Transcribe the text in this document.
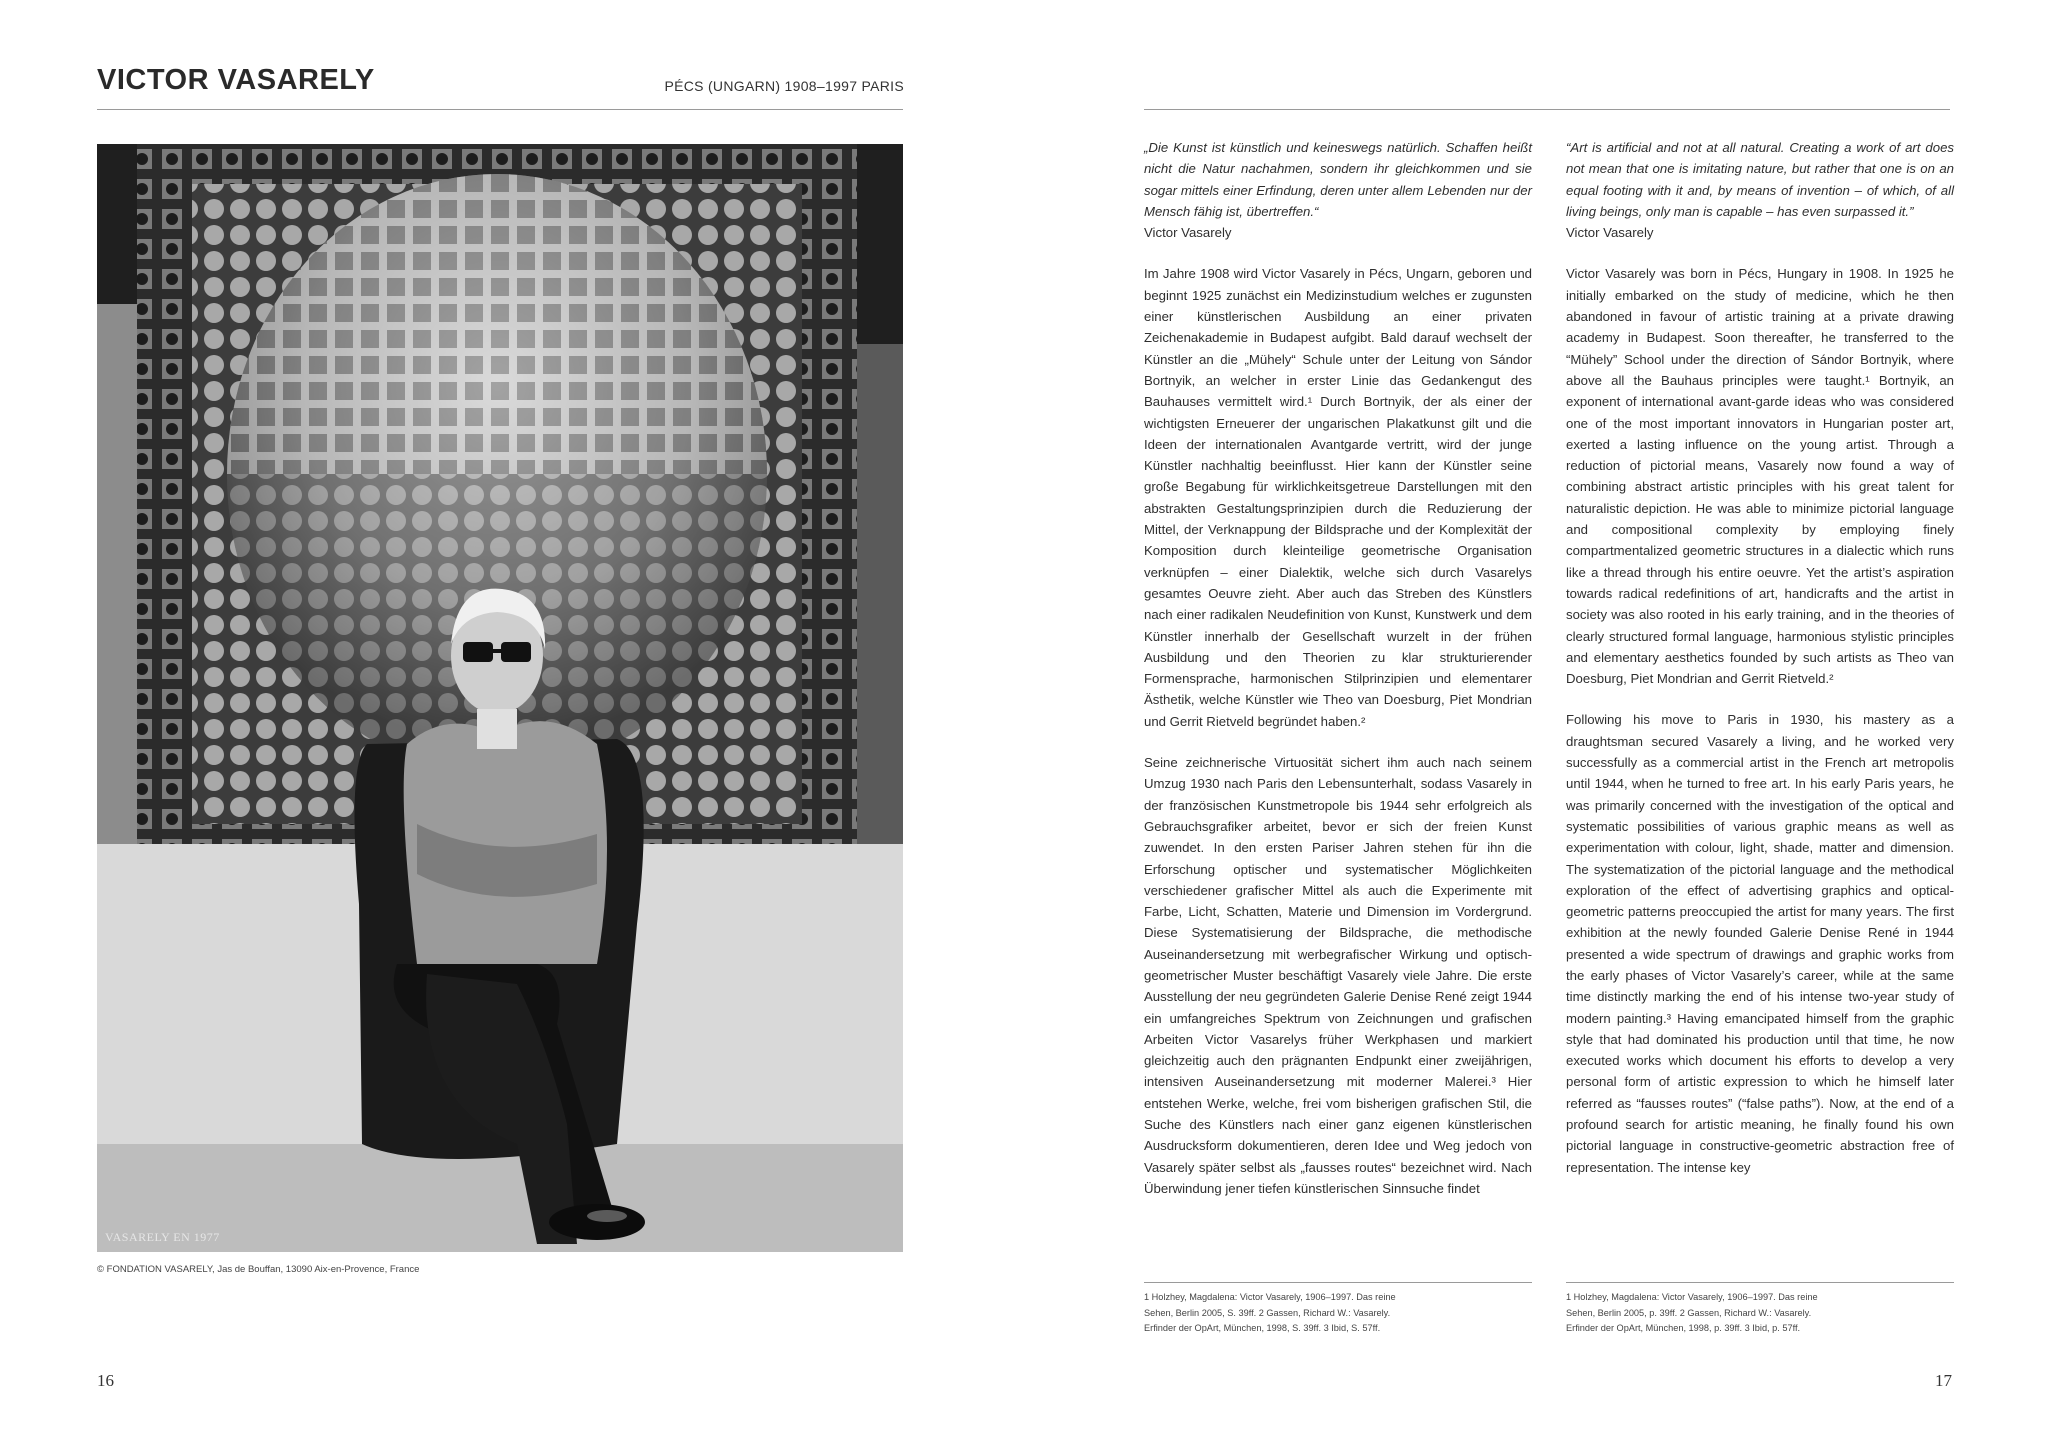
VICTOR VASARELY	PÉCS (UNGARN) 1908–1997 PARIS
VASARELY EN 1977
© FONDATION VASARELY, Jas de Bouffan, 13090 Aix-en-Provence, France
16

„Die Kunst ist künstlich und keineswegs natürlich. Schaffen heißt nicht die Natur nachahmen, sondern ihr gleichkommen und sie sogar mittels einer Erfindung, deren unter allem Lebenden nur der Mensch fähig ist, übertreffen.“
Victor Vasarely

Im Jahre 1908 wird Victor Vasarely in Pécs, Ungarn, geboren und beginnt 1925 zunächst ein Medizinstudium welches er zugunsten einer künstlerischen Ausbildung an einer privaten Zeichenakademie in Budapest aufgibt. Bald darauf wechselt der Künstler an die „Mühely“ Schule unter der Leitung von Sándor Bortnyik, an welcher in erster Linie das Gedankengut des Bauhauses vermittelt wird.¹ Durch Bortnyik, der als einer der wichtigsten Erneuerer der ungarischen Plakatkunst gilt und die Ideen der internationalen Avantgarde vertritt, wird der junge Künstler nachhaltig beeinflusst. Hier kann der Künstler seine große Begabung für wirklichkeitsgetreue Darstellungen mit den abstrakten Gestaltungsprinzipien durch die Reduzierung der Mittel, der Verknappung der Bildsprache und der Komplexität der Komposition durch kleinteilige geometrische Organisation verknüpfen – einer Dialektik, welche sich durch Vasarelys gesamtes Oeuvre zieht. Aber auch das Streben des Künstlers nach einer radikalen Neudefinition von Kunst, Kunstwerk und dem Künstler innerhalb der Gesellschaft wurzelt in der frühen Ausbildung und den Theorien zu klar strukturierender Formensprache, harmonischen Stilprinzipien und elementarer Ästhetik, welche Künstler wie Theo van Doesburg, Piet Mondrian und Gerrit Rietveld begründet haben.²

Seine zeichnerische Virtuosität sichert ihm auch nach seinem Umzug 1930 nach Paris den Lebensunterhalt, sodass Vasarely in der französischen Kunstmetropole bis 1944 sehr erfolgreich als Gebrauchsgrafiker arbeitet, bevor er sich der freien Kunst zuwendet. In den ersten Pariser Jahren stehen für ihn die Erforschung optischer und systematischer Möglichkeiten verschiedener grafischer Mittel als auch die Experimente mit Farbe, Licht, Schatten, Materie und Dimension im Vordergrund. Diese Systematisierung der Bildsprache, die methodische Auseinandersetzung mit werbegrafischer Wirkung und optisch-geometrischer Muster beschäftigt Vasarely viele Jahre. Die erste Ausstellung der neu gegründeten Galerie Denise René zeigt 1944 ein umfangreiches Spektrum von Zeichnungen und grafischen Arbeiten Victor Vasarelys früher Werkphasen und markiert gleichzeitig auch den prägnanten Endpunkt einer zweijährigen, intensiven Auseinandersetzung mit moderner Malerei.³ Hier entstehen Werke, welche, frei vom bisherigen grafischen Stil, die Suche des Künstlers nach einer ganz eigenen künstlerischen Ausdrucksform dokumentieren, deren Idee und Weg jedoch von Vasarely später selbst als „fausses routes“ bezeichnet wird. Nach Überwindung jener tiefen künstlerischen Sinnsuche findet

“Art is artificial and not at all natural. Creating a work of art does not mean that one is imitating nature, but rather that one is on an equal footing with it and, by means of invention – of which, of all living beings, only man is capable – has even surpassed it.”
Victor Vasarely

Victor Vasarely was born in Pécs, Hungary in 1908. In 1925 he initially embarked on the study of medicine, which he then abandoned in favour of artistic training at a private drawing academy in Budapest. Soon thereafter, he transferred to the “Mühely” School under the direction of Sándor Bortnyik, where above all the Bauhaus principles were taught.¹ Bortnyik, an exponent of international avant-garde ideas who was considered one of the most important innovators in Hungarian poster art, exerted a lasting influence on the young artist. Through a reduction of pictorial means, Vasarely now found a way of combining abstract artistic principles with his great talent for naturalistic depiction. He was able to minimize pictorial language and compositional complexity by employing finely compartmentalized geometric structures in a dialectic which runs like a thread through his entire oeuvre. Yet the artist’s aspiration towards radical redefinitions of art, handicrafts and the artist in society was also rooted in his early training, and in the theories of clearly structured formal language, harmonious stylistic principles and elementary aesthetics founded by such artists as Theo van Doesburg, Piet Mondrian and Gerrit Rietveld.²

Following his move to Paris in 1930, his mastery as a draughtsman secured Vasarely a living, and he worked very successfully as a commercial artist in the French art metropolis until 1944, when he turned to free art. In his early Paris years, he was primarily concerned with the investigation of the optical and systematic possibilities of various graphic means as well as experimentation with colour, light, shade, matter and dimension. The systematization of the pictorial language and the methodical exploration of the effect of advertising graphics and optical-geometric patterns preoccupied the artist for many years. The first exhibition at the newly founded Galerie Denise René in 1944 presented a wide spectrum of drawings and graphic works from the early phases of Victor Vasarely’s career, while at the same time distinctly marking the end of his intense two-year study of modern painting.³ Having emancipated himself from the graphic style that had dominated his production until that time, he now executed works which document his efforts to develop a very personal form of artistic expression to which he himself later referred as “fausses routes” (“false paths”). Now, at the end of a profound search for artistic meaning, he finally found his own pictorial language in constructive-geometric abstraction free of representation. The intense key

1 Holzhey, Magdalena: Victor Vasarely, 1906–1997. Das reine Sehen, Berlin 2005, S. 39ff. 2 Gassen, Richard W.: Vasarely. Erfinder der OpArt, München, 1998, S. 39ff. 3 Ibid, S. 57ff.
1 Holzhey, Magdalena: Victor Vasarely, 1906–1997. Das reine Sehen, Berlin 2005, p. 39ff. 2 Gassen, Richard W.: Vasarely. Erfinder der OpArt, München, 1998, p. 39ff. 3 Ibid, p. 57ff.
17
